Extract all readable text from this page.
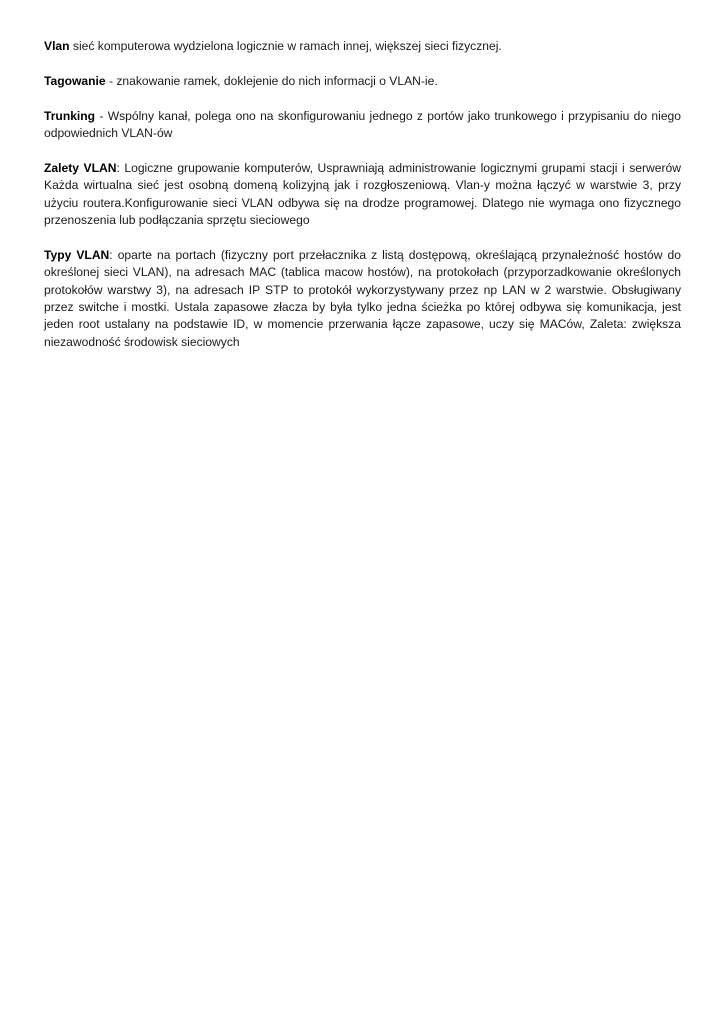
Vlan sieć komputerowa wydzielona logicznie w ramach innej, większej sieci fizycznej.

Tagowanie - znakowanie ramek, doklejenie do nich informacji o VLAN-ie.

Trunking - Wspólny kanał, polega ono na skonfigurowaniu jednego z portów jako trunkowego i przypisaniu do niego odpowiednich VLAN-ów

Zalety VLAN: Logiczne grupowanie komputerów, Usprawniają administrowanie logicznymi grupami stacji i serwerów Każda wirtualna sieć jest osobną domeną kolizyjną jak i rozgłoszeniową. Vlan-y można łączyć w warstwie 3, przy użyciu routera.Konfigurowanie sieci VLAN odbywa się na drodze programowej. Dlatego nie wymaga ono fizycznego przenoszenia lub podłączania sprzętu sieciowego

Typy VLAN: oparte na portach (fizyczny port przełacznika z listą dostępową, określającą przynależność hostów do określonej sieci VLAN), na adresach MAC (tablica macow hostów), na protokołach (przyporzadkowanie określonych protokołów warstwy 3), na adresach IP STP to protokół wykorzystywany przez np LAN w 2 warstwie. Obsługiwany przez switche i mostki. Ustala zapasowe złacza by była tylko jedna ścieżka po której odbywa się komunikacja, jest jeden root ustalany na podstawie ID, w momencie przerwania łącze zapasowe, uczy się MACów, Zaleta: zwiększa niezawodność środowisk sieciowych
